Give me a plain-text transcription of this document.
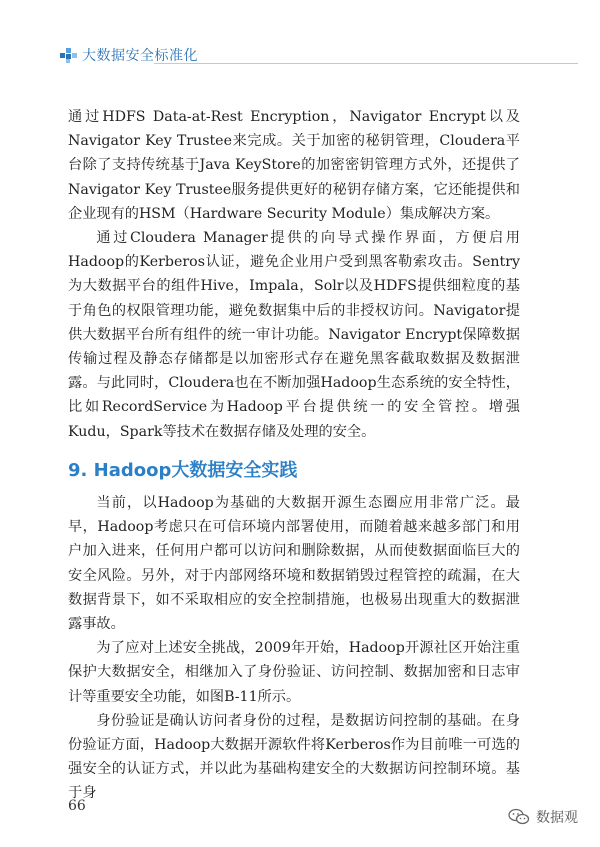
大数据安全标准化

通过HDFS Data-at-Rest Encryption，Navigator Encrypt以及Navigator Key Trustee来完成。关于加密的秘钥管理，Cloudera平台除了支持传统基于Java KeyStore的加密密钥管理方式外，还提供了Navigator Key Trustee服务提供更好的秘钥存储方案，它还能提供和企业现有的HSM（Hardware Security Module）集成解决方案。

通过Cloudera Manager提供的向导式操作界面，方便启用Hadoop的Kerberos认证，避免企业用户受到黑客勒索攻击。Sentry为大数据平台的组件Hive，Impala，Solr以及HDFS提供细粒度的基于角色的权限管理功能，避免数据集中后的非授权访问。Navigator提供大数据平台所有组件的统一审计功能。Navigator Encrypt保障数据传输过程及静态存储都是以加密形式存在避免黑客截取数据及数据泄露。与此同时，Cloudera也在不断加强Hadoop生态系统的安全特性，比如RecordService为Hadoop平台提供统一的安全管控。增强Kudu，Spark等技术在数据存储及处理的安全。

9. Hadoop大数据安全实践

当前，以Hadoop为基础的大数据开源生态圈应用非常广泛。最早，Hadoop考虑只在可信环境内部署使用，而随着越来越多部门和用户加入进来，任何用户都可以访问和删除数据，从而使数据面临巨大的安全风险。另外，对于内部网络环境和数据销毁过程管控的疏漏，在大数据背景下，如不采取相应的安全控制措施，也极易出现重大的数据泄露事故。

为了应对上述安全挑战，2009年开始，Hadoop开源社区开始注重保护大数据安全，相继加入了身份验证、访问控制、数据加密和日志审计等重要安全功能，如图B-11所示。

身份验证是确认访问者身份的过程，是数据访问控制的基础。在身份验证方面，Hadoop大数据开源软件将Kerberos作为目前唯一可选的强安全的认证方式，并以此为基础构建安全的大数据访问控制环境。基于身

66
数据观
